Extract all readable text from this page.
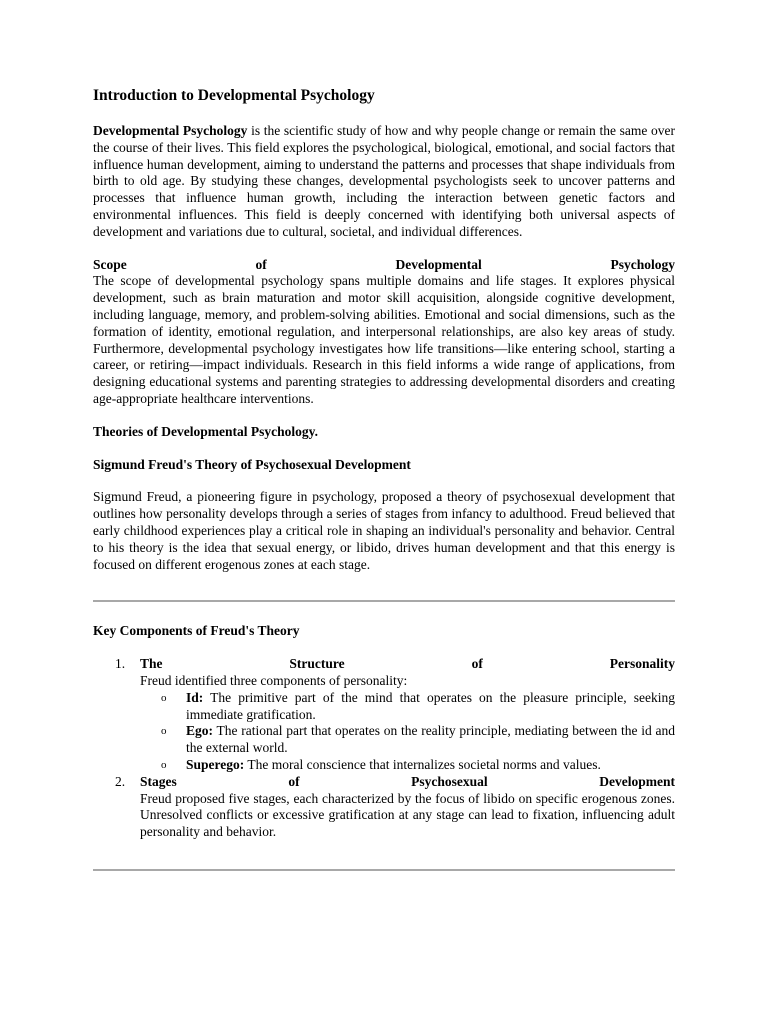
Introduction to Developmental Psychology

Developmental Psychology is the scientific study of how and why people change or remain the same over the course of their lives. This field explores the psychological, biological, emotional, and social factors that influence human development, aiming to understand the patterns and processes that shape individuals from birth to old age. By studying these changes, developmental psychologists seek to uncover patterns and processes that influence human growth, including the interaction between genetic factors and environmental influences. This field is deeply concerned with identifying both universal aspects of development and variations due to cultural, societal, and individual differences.

Scope	of	Developmental	Psychology

The scope of developmental psychology spans multiple domains and life stages. It explores physical development, such as brain maturation and motor skill acquisition, alongside cognitive development, including language, memory, and problem-solving abilities. Emotional and social dimensions, such as the formation of identity, emotional regulation, and interpersonal relationships, are also key areas of study. Furthermore, developmental psychology investigates how life transitions—like entering school, starting a career, or retiring—impact individuals. Research in this field informs a wide range of applications, from designing educational systems and parenting strategies to addressing developmental disorders and creating age-appropriate healthcare interventions.

Theories of Developmental Psychology.

Sigmund Freud's Theory of Psychosexual Development

Sigmund Freud, a pioneering figure in psychology, proposed a theory of psychosexual development that outlines how personality develops through a series of stages from infancy to adulthood. Freud believed that early childhood experiences play a critical role in shaping an individual's personality and behavior. Central to his theory is the idea that sexual energy, or libido, drives human development and that this energy is focused on different erogenous zones at each stage.

Key Components of Freud's Theory

1. The	Structure	of	Personality

Freud identified three components of personality:

o Id: The primitive part of the mind that operates on the pleasure principle, seeking immediate gratification.
o Ego: The rational part that operates on the reality principle, mediating between the id and the external world.
o Superego: The moral conscience that internalizes societal norms and values.
2. Stages	of	Psychosexual	Development

Freud proposed five stages, each characterized by the focus of libido on specific erogenous zones. Unresolved conflicts or excessive gratification at any stage can lead to fixation, influencing adult personality and behavior.
